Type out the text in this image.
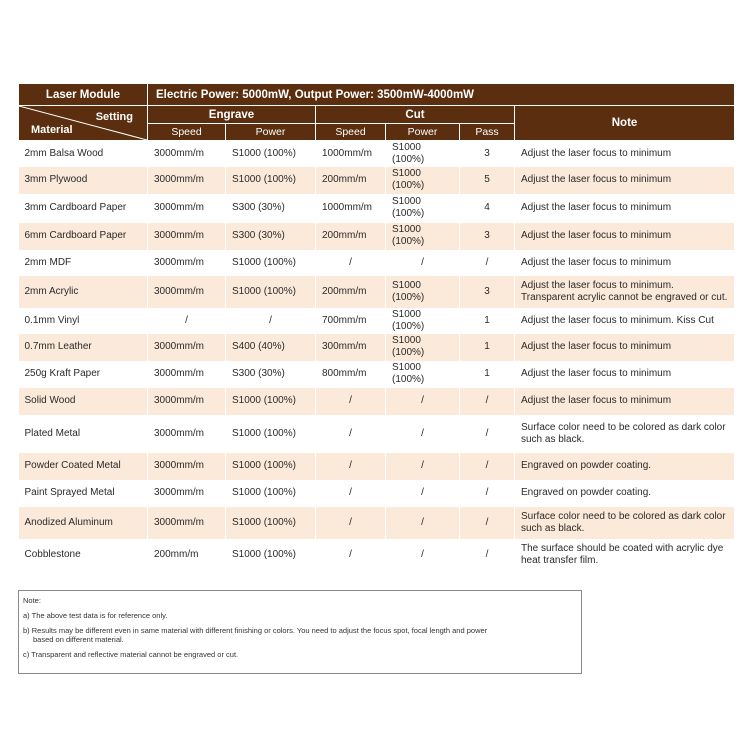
Laser Module	Electric Power: 5000mW, Output Power: 3500mW-4000mW					

Setting
Material	Engrave		Cut			Note
	Speed	Power	Speed	Power	Pass	
2mm Balsa Wood	3000mm/m	S1000 (100%)	1000mm/m	S1000 (100%)	3	Adjust the laser focus to minimum
3mm Plywood	3000mm/m	S1000 (100%)	200mm/m	S1000 (100%)	5	Adjust the laser focus to minimum
3mm Cardboard Paper	3000mm/m	S300 (30%)	1000mm/m	S1000 (100%)	4	Adjust the laser focus to minimum
6mm Cardboard Paper	3000mm/m	S300 (30%)	200mm/m	S1000 (100%)	3	Adjust the laser focus to minimum
2mm MDF	3000mm/m	S1000 (100%)	/	/	/	Adjust the laser focus to minimum
2mm Acrylic	3000mm/m	S1000 (100%)	200mm/m	S1000 (100%)	3	Adjust the laser focus to minimum.
Transparent acrylic cannot be engraved or cut.
0.1mm Vinyl	/	/	700mm/m	S1000 (100%)	1	Adjust the laser focus to minimum. Kiss Cut
0.7mm Leather	3000mm/m	S400 (40%)	300mm/m	S1000 (100%)	1	Adjust the laser focus to minimum
250g Kraft Paper	3000mm/m	S300 (30%)	800mm/m	S1000 (100%)	1	Adjust the laser focus to minimum
Solid Wood	3000mm/m	S1000 (100%)	/	/	/	Adjust the laser focus to minimum
Plated Metal	3000mm/m	S1000 (100%)	/	/	/	Surface color need to be colored as dark color such as black.
Powder Coated Metal	3000mm/m	S1000 (100%)	/	/	/	Engraved on powder coating.
Paint Sprayed Metal	3000mm/m	S1000 (100%)	/	/	/	Engraved on powder coating.
Anodized Aluminum	3000mm/m	S1000 (100%)	/	/	/	Surface color need to be colored as dark color such as black.
Cobblestone	200mm/m	S1000 (100%)	/	/	/	The surface should be coated with acrylic dye heat transfer film.
Note:
a) The above test data is for reference only.
b) Results may be different even in same material with different finishing or colors. You need to adjust the focus spot, focal length and power
based on different material.
c) Transparent and reflective material cannot be engraved or cut.
